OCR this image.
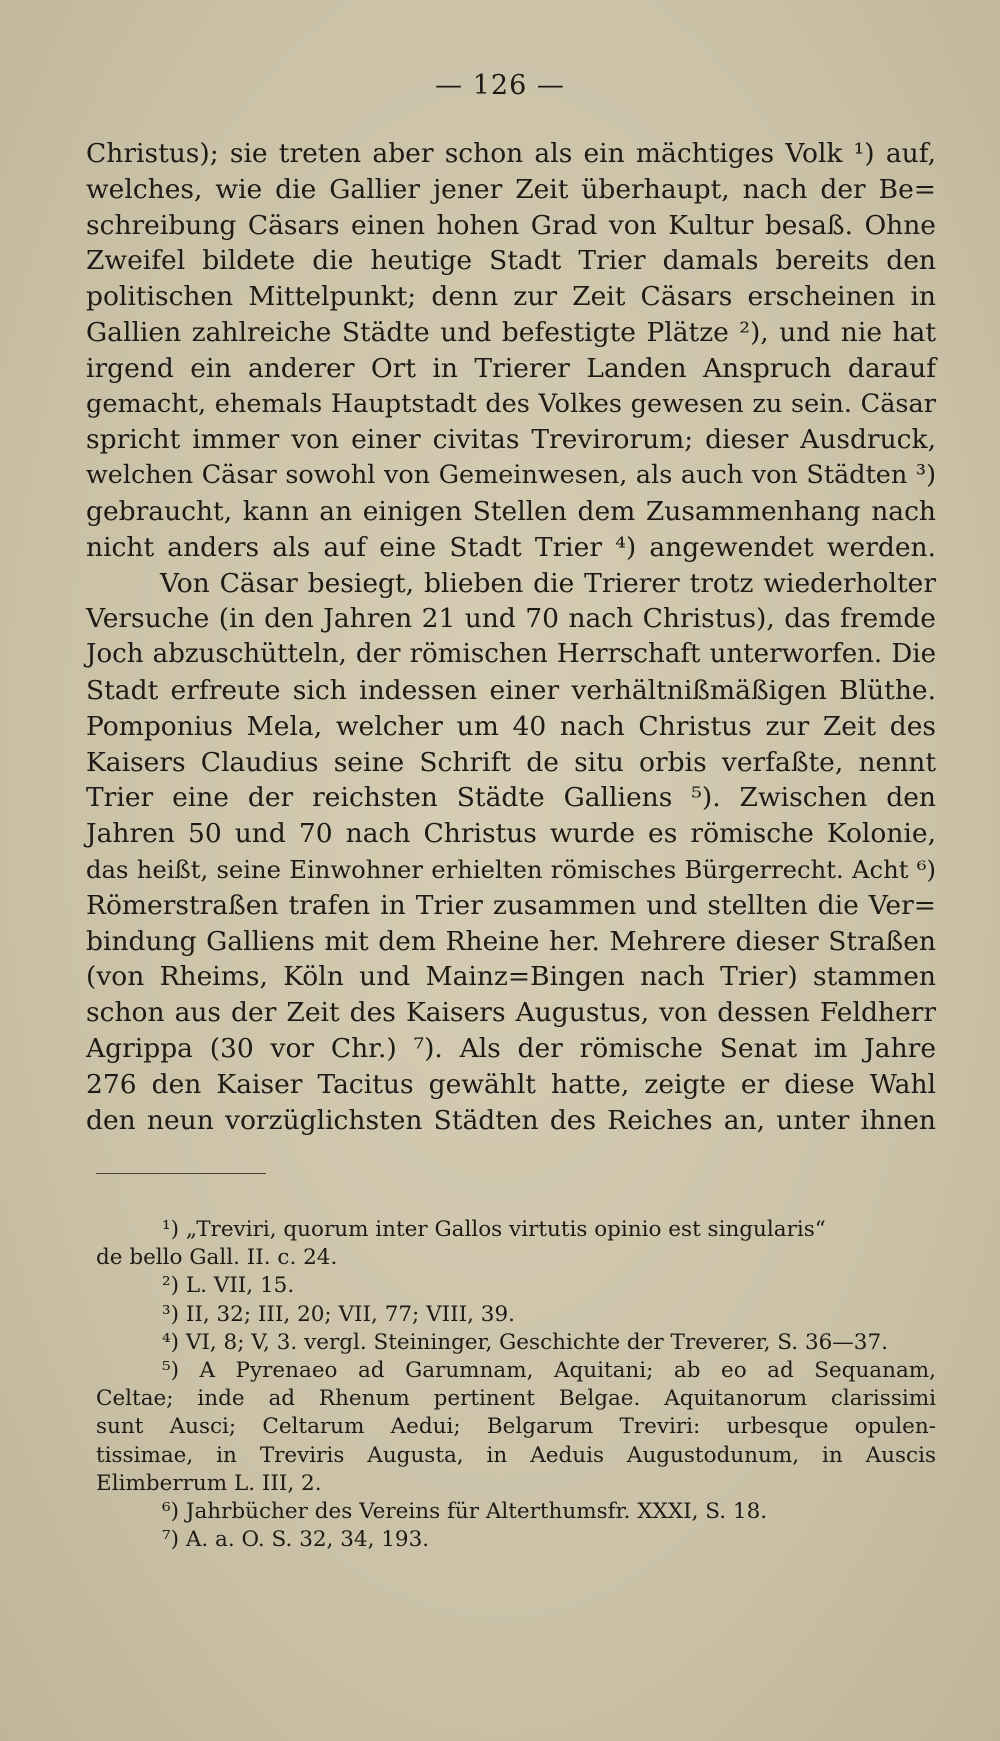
— 126 —
Christus); sie treten aber schon als ein mächtiges Volk ¹) auf,
welches, wie die Gallier jener Zeit überhaupt, nach der Be=
schreibung Cäsars einen hohen Grad von Kultur besaß. Ohne
Zweifel bildete die heutige Stadt Trier damals bereits den
politischen Mittelpunkt; denn zur Zeit Cäsars erscheinen in
Gallien zahlreiche Städte und befestigte Plätze ²), und nie hat
irgend ein anderer Ort in Trierer Landen Anspruch darauf
gemacht, ehemals Hauptstadt des Volkes gewesen zu sein. Cäsar
spricht immer von einer civitas Trevirorum; dieser Ausdruck,
welchen Cäsar sowohl von Gemeinwesen, als auch von Städten ³)
gebraucht, kann an einigen Stellen dem Zusammenhang nach
nicht anders als auf eine Stadt Trier ⁴) angewendet werden.
Von Cäsar besiegt, blieben die Trierer trotz wiederholter
Versuche (in den Jahren 21 und 70 nach Christus), das fremde
Joch abzuschütteln, der römischen Herrschaft unterworfen. Die
Stadt erfreute sich indessen einer verhältnißmäßigen Blüthe.
Pomponius Mela, welcher um 40 nach Christus zur Zeit des
Kaisers Claudius seine Schrift de situ orbis verfaßte, nennt
Trier eine der reichsten Städte Galliens ⁵). Zwischen den
Jahren 50 und 70 nach Christus wurde es römische Kolonie,
das heißt, seine Einwohner erhielten römisches Bürgerrecht. Acht ⁶)
Römerstraßen trafen in Trier zusammen und stellten die Ver=
bindung Galliens mit dem Rheine her. Mehrere dieser Straßen
(von Rheims, Köln und Mainz=Bingen nach Trier) stammen
schon aus der Zeit des Kaisers Augustus, von dessen Feldherr
Agrippa (30 vor Chr.) ⁷). Als der römische Senat im Jahre
276 den Kaiser Tacitus gewählt hatte, zeigte er diese Wahl
den neun vorzüglichsten Städten des Reiches an, unter ihnen
¹) „Treviri, quorum inter Gallos virtutis opinio est singularis“
de bello Gall. II. c. 24.
²) L. VII, 15.
³) II, 32; III, 20; VII, 77; VIII, 39.
⁴) VI, 8; V, 3. vergl. Steininger, Geschichte der Treverer, S. 36—37.
⁵) A Pyrenaeo ad Garumnam, Aquitani; ab eo ad Sequanam,
Celtae; inde ad Rhenum pertinent Belgae. Aquitanorum clarissimi
sunt Ausci; Celtarum Aedui; Belgarum Treviri: urbesque opulen-
tissimae, in Treviris Augusta, in Aeduis Augustodunum, in Auscis
Elimberrum L. III, 2.
⁶) Jahrbücher des Vereins für Alterthumsfr. XXXI, S. 18.
⁷) A. a. O. S. 32, 34, 193.
